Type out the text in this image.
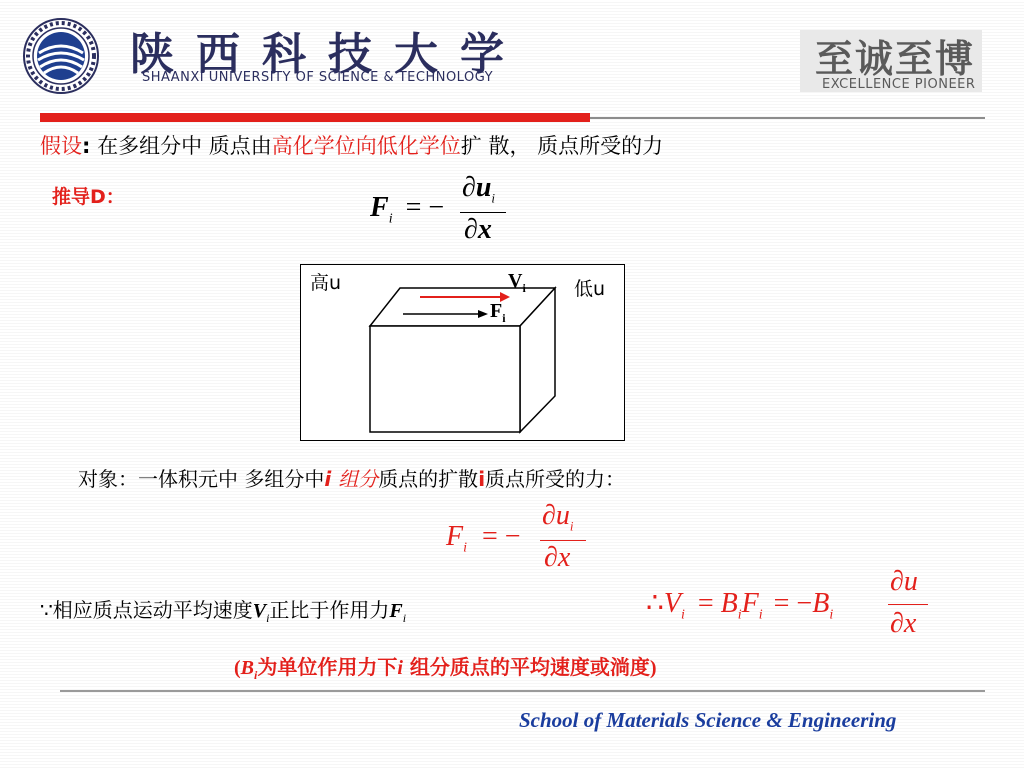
陕 西 科 技 大 学
SHAANXI UNIVERSITY OF SCIENCE & TECHNOLOGY	至诚至博
EXCELLENCE PIONEER
假设: 在多组分中 质点由高化学位向低化学位扩 散， 质点所受的力
推导D：	$F_i$ = −
$\partial u_i$
∂x
高u	低u
$V_i$
$F_i$
对象：一体积元中 多组分中i 组分质点的扩散i质点所受的力：
$F_i$ = −
$\partial u_i$
∂x
∵相应质点运动平均速度$V_i$正比于作用力$F_i$	$\therefore V_i = B_iF_i = -B_i$
∂u
∂x
($B_i$为单位作用力下i 组分质点的平均速度或淌度)
School of Materials Science & Engineering
